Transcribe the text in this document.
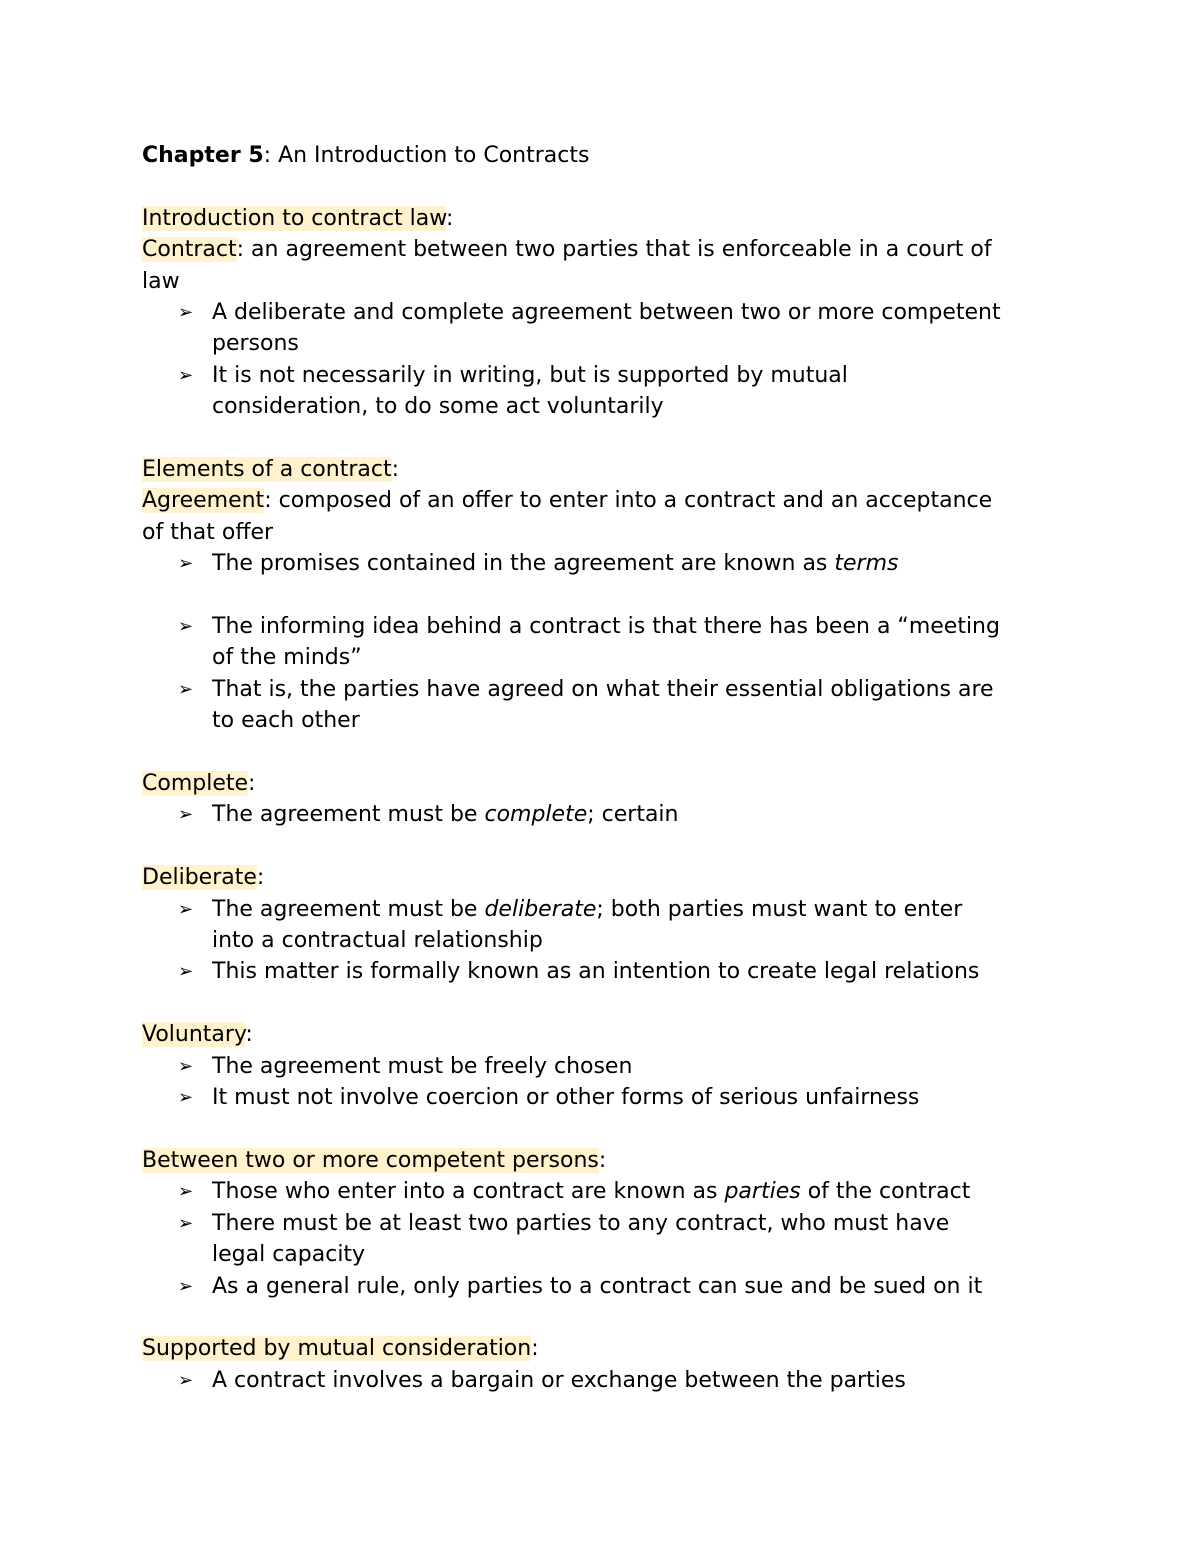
Chapter 5: An Introduction to Contracts
Introduction to contract law:
Contract: an agreement between two parties that is enforceable in a court of
law
➢ A deliberate and complete agreement between two or more competent
persons
➢ It is not necessarily in writing, but is supported by mutual
consideration, to do some act voluntarily
Elements of a contract:
Agreement: composed of an offer to enter into a contract and an acceptance
of that offer
➢ The promises contained in the agreement are known as terms
➢ The informing idea behind a contract is that there has been a “meeting
of the minds”
➢ That is, the parties have agreed on what their essential obligations are
to each other
Complete:
➢ The agreement must be complete; certain
Deliberate:
➢ The agreement must be deliberate; both parties must want to enter
into a contractual relationship
➢ This matter is formally known as an intention to create legal relations
Voluntary:
➢ The agreement must be freely chosen
➢ It must not involve coercion or other forms of serious unfairness
Between two or more competent persons:
➢ Those who enter into a contract are known as parties of the contract
➢ There must be at least two parties to any contract, who must have
legal capacity
➢ As a general rule, only parties to a contract can sue and be sued on it
Supported by mutual consideration:
➢ A contract involves a bargain or exchange between the parties
